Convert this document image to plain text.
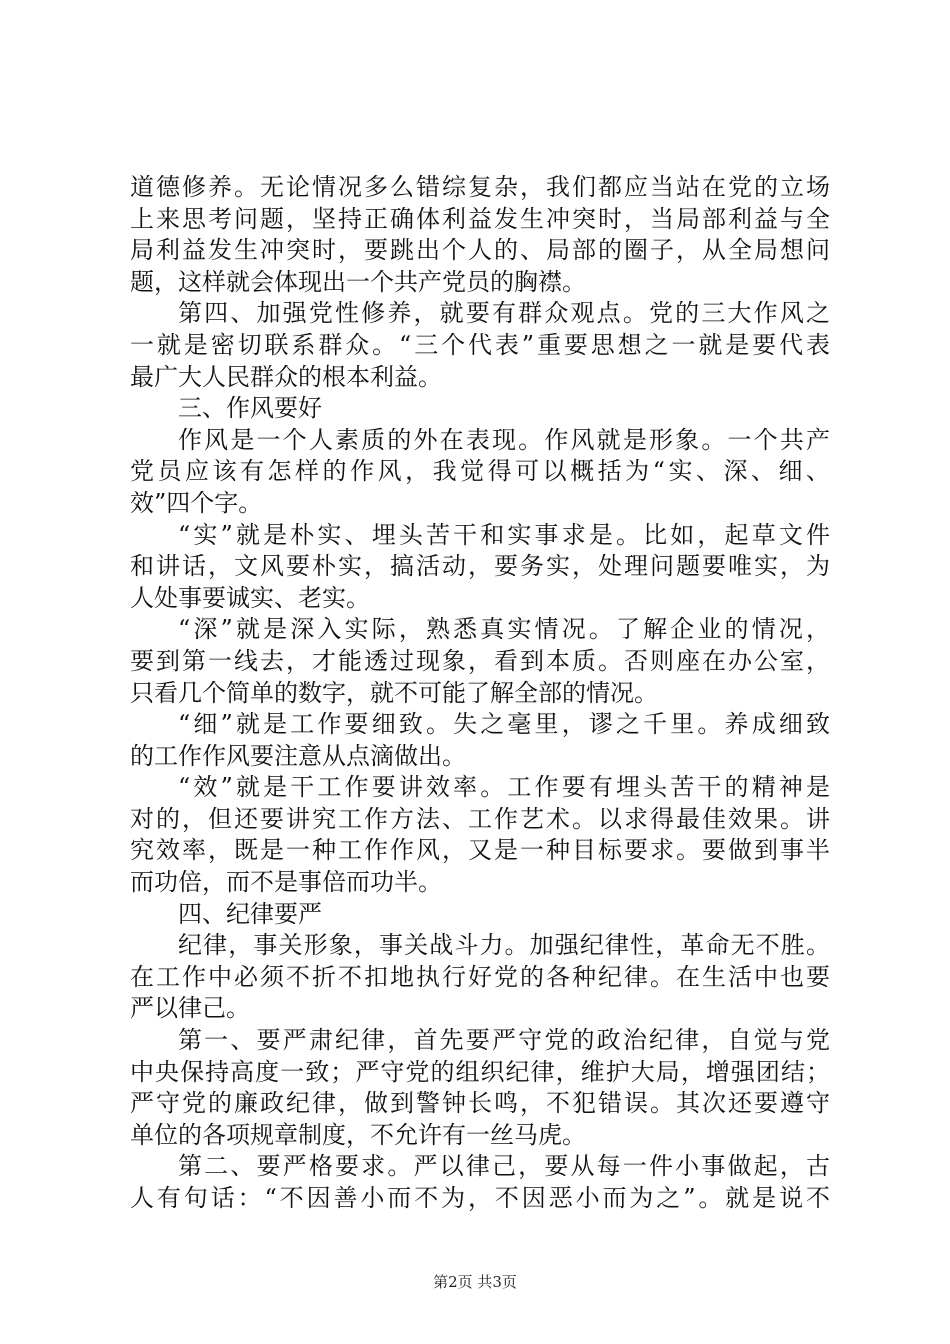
道德修养。无论情况多么错综复杂，我们都应当站在党的立场
上来思考问题，坚持正确体利益发生冲突时，当局部利益与全
局利益发生冲突时，要跳出个人的、局部的圈子，从全局想问
题，这样就会体现出一个共产党员的胸襟。
第四、加强党性修养，就要有群众观点。党的三大作风之
一就是密切联系群众。“三个代表”重要思想之一就是要代表
最广大人民群众的根本利益。
三、作风要好
作风是一个人素质的外在表现。作风就是形象。一个共产
党员应该有怎样的作风，我觉得可以概括为“实、深、细、
效”四个字。
“实”就是朴实、埋头苦干和实事求是。比如，起草文件
和讲话，文风要朴实，搞活动，要务实，处理问题要唯实，为
人处事要诚实、老实。
“深”就是深入实际，熟悉真实情况。了解企业的情况，
要到第一线去，才能透过现象，看到本质。否则座在办公室，
只看几个简单的数字，就不可能了解全部的情况。
“细”就是工作要细致。失之毫里，谬之千里。养成细致
的工作作风要注意从点滴做出。
“效”就是干工作要讲效率。工作要有埋头苦干的精神是
对的，但还要讲究工作方法、工作艺术。以求得最佳效果。讲
究效率，既是一种工作作风，又是一种目标要求。要做到事半
而功倍，而不是事倍而功半。
四、纪律要严
纪律，事关形象，事关战斗力。加强纪律性，革命无不胜。
在工作中必须不折不扣地执行好党的各种纪律。在生活中也要
严以律己。
第一、要严肃纪律，首先要严守党的政治纪律，自觉与党
中央保持高度一致；严守党的组织纪律，维护大局，增强团结；
严守党的廉政纪律，做到警钟长鸣，不犯错误。其次还要遵守
单位的各项规章制度，不允许有一丝马虎。
第二、要严格要求。严以律己，要从每一件小事做起，古
人有句话：“不因善小而不为，不因恶小而为之”。就是说不
第2页 共3页
